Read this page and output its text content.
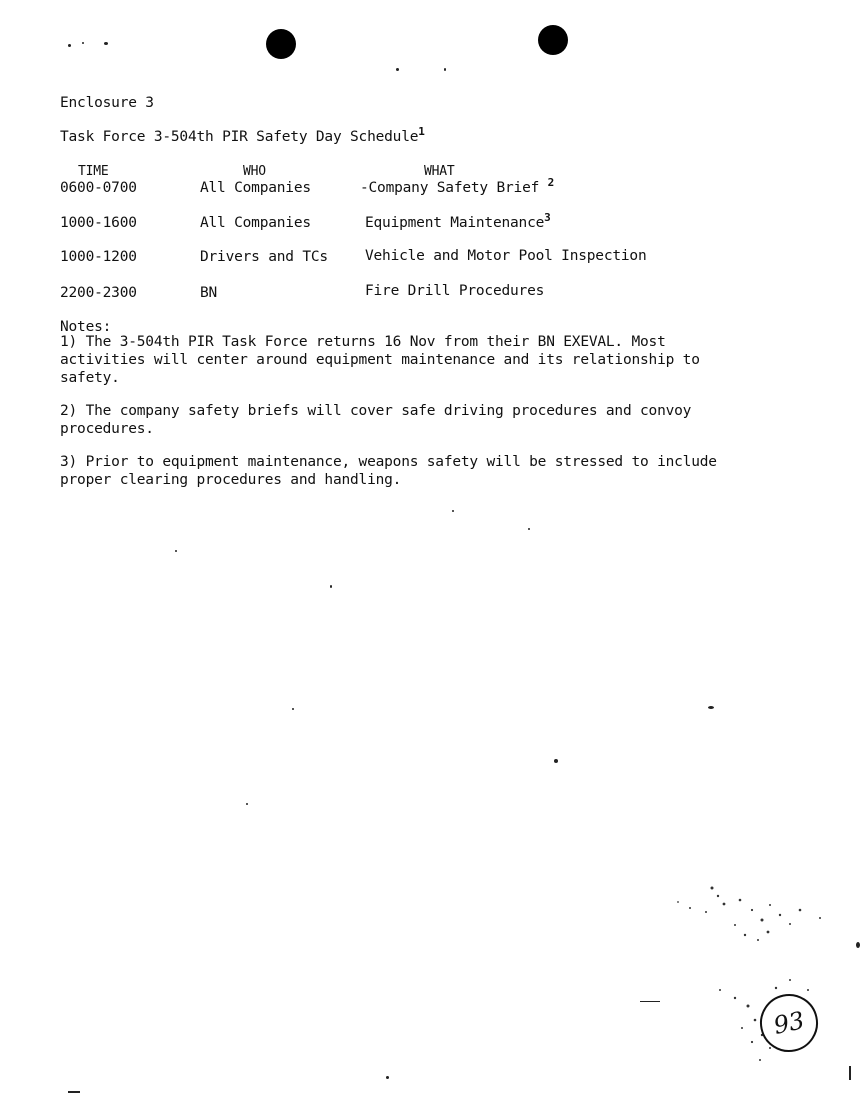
Enclosure 3
Task Force 3-504th PIR Safety Day Schedule$^1$
TIME	WHO	WHAT
0600-0700	All Companies	-Company Safety Brief $^2$
1000-1600	All Companies	Equipment Maintenance$^3$
1000-1200	Drivers and TCs	Vehicle and Motor Pool Inspection
2200-2300	BN	Fire Drill Procedures
Notes:
1) The 3-504th PIR Task Force returns 16 Nov from their BN EXEVAL. Most
activities will center around equipment maintenance and its relationship to
safety.
2) The company safety briefs will cover safe driving procedures and convoy
procedures.
3) Prior to equipment maintenance, weapons safety will be stressed to include
proper clearing procedures and handling.
93
